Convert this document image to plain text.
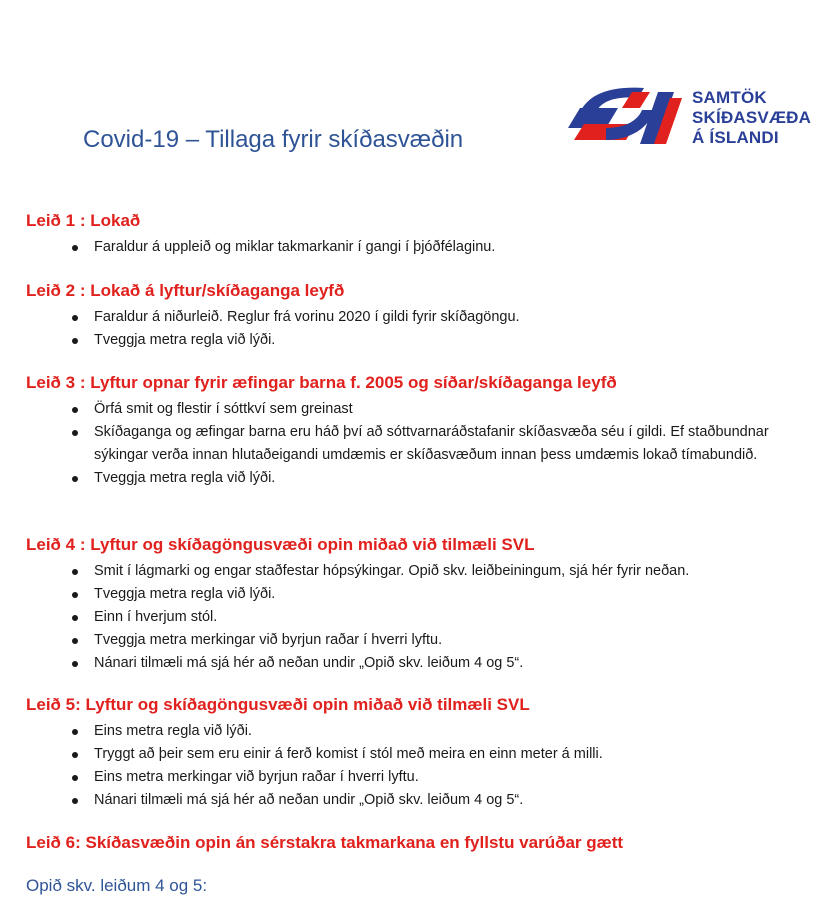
SAMTÖK
SKÍÐASVÆÐA
Á ÍSLANDI
Covid-19 – Tillaga fyrir skíðasvæðin
Leið 1 : Lokað
Faraldur á uppleið og miklar takmarkanir í gangi í þjóðfélaginu.
Leið 2 : Lokað á lyftur/skíðaganga leyfð
Faraldur á niðurleið. Reglur frá vorinu 2020 í gildi fyrir skíðagöngu.
Tveggja metra regla við lýði.
Leið 3 : Lyftur opnar fyrir æfingar barna f. 2005 og síðar/skíðaganga leyfð
Örfá smit og flestir í sóttkví sem greinast
Skíðaganga og æfingar barna eru háð því að sóttvarnaráðstafanir skíðasvæða séu í gildi. Ef staðbundnar sýkingar verða innan hlutaðeigandi umdæmis er skíðasvæðum innan þess umdæmis lokað tímabundið.
Tveggja metra regla við lýði.
Leið 4 : Lyftur og skíðagöngusvæði opin miðað við tilmæli SVL
Smit í lágmarki og engar staðfestar hópsýkingar. Opið skv. leiðbeiningum, sjá hér fyrir neðan.
Tveggja metra regla við lýði.
Einn í hverjum stól.
Tveggja metra merkingar við byrjun raðar í hverri lyftu.
Nánari tilmæli má sjá hér að neðan undir „Opið skv. leiðum 4 og 5“.
Leið 5: Lyftur og skíðagöngusvæði opin miðað við tilmæli SVL
Eins metra regla við lýði.
Tryggt að þeir sem eru einir á ferð komist í stól með meira en einn meter á milli.
Eins metra merkingar við byrjun raðar í hverri lyftu.
Nánari tilmæli má sjá hér að neðan undir „Opið skv. leiðum 4 og 5“.
Leið 6: Skíðasvæðin opin án sérstakra takmarkana en fyllstu varúðar gætt
Opið skv. leiðum 4 og 5:
